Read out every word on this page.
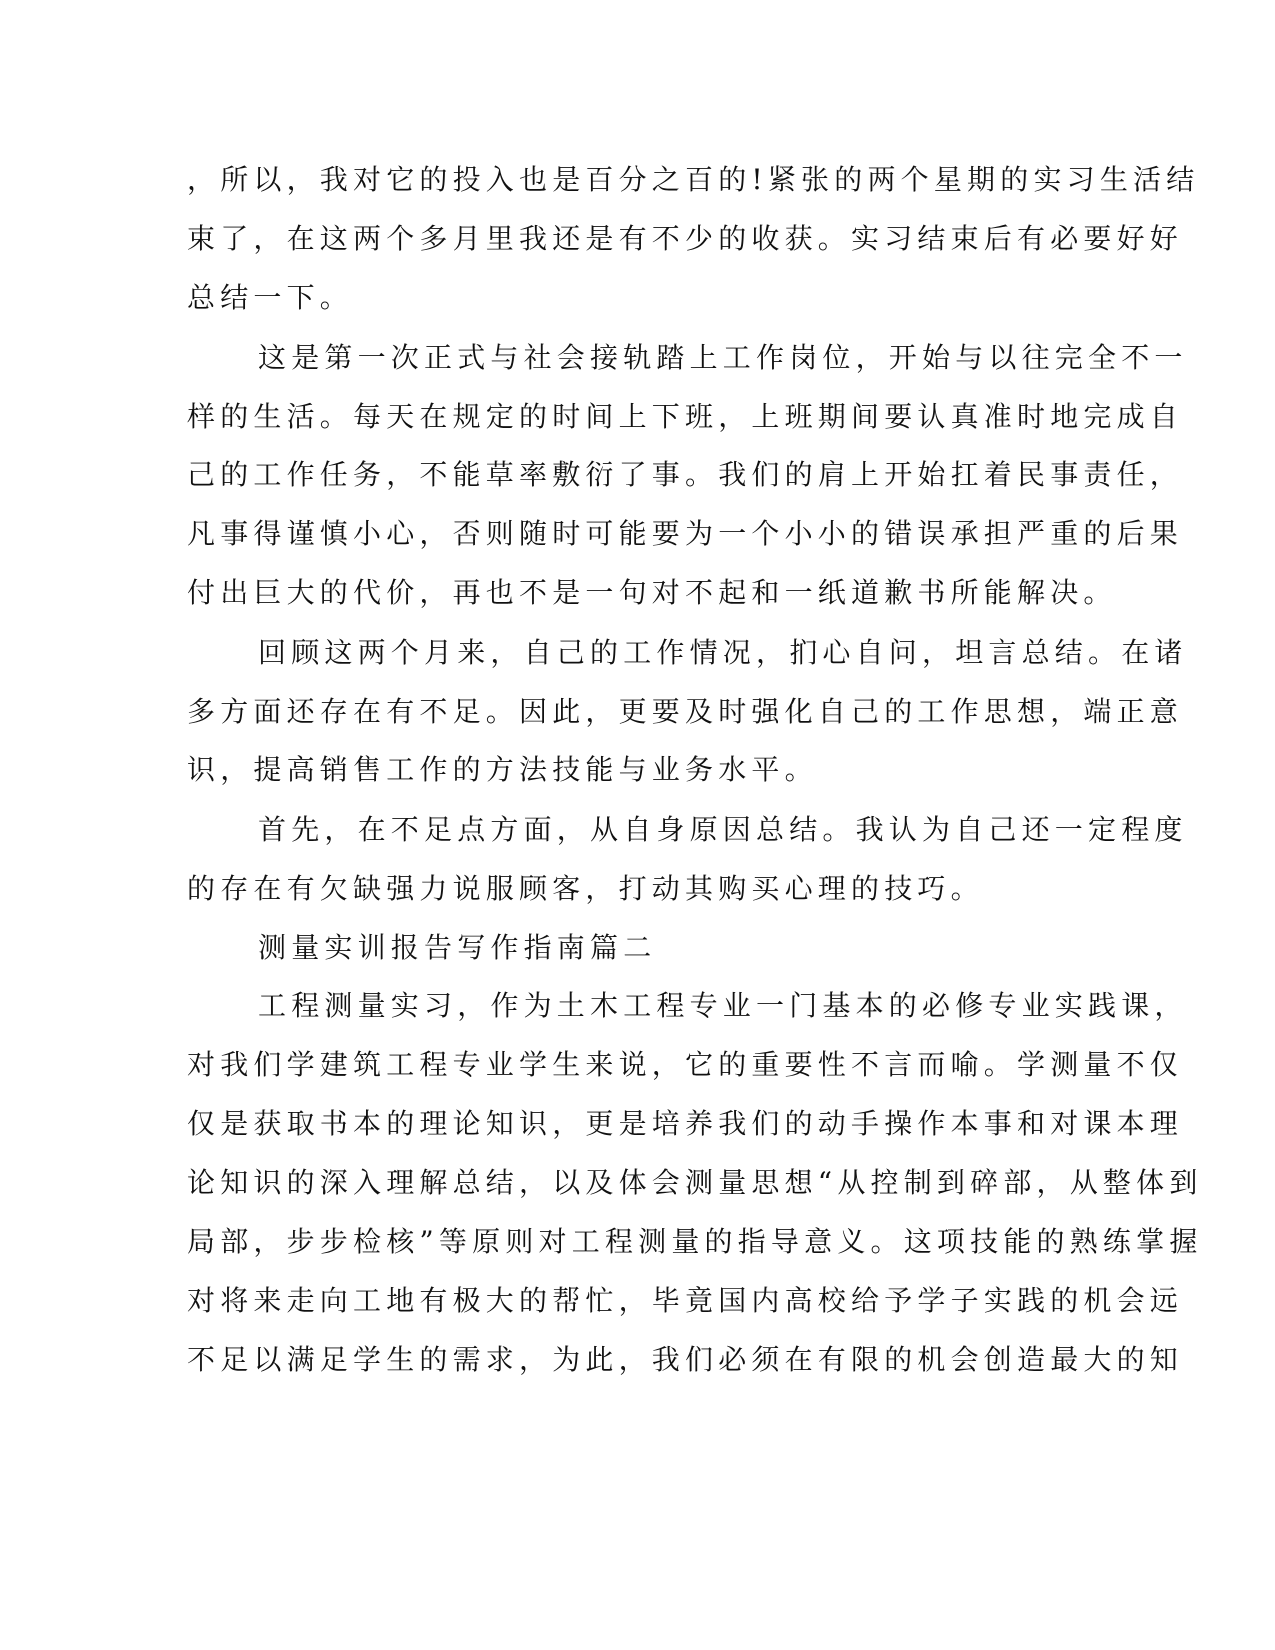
，所以，我对它的投入也是百分之百的!紧张的两个星期的实习生活结
束了，在这两个多月里我还是有不少的收获。实习结束后有必要好好
总结一下。
这是第一次正式与社会接轨踏上工作岗位，开始与以往完全不一
样的生活。每天在规定的时间上下班，上班期间要认真准时地完成自
己的工作任务，不能草率敷衍了事。我们的肩上开始扛着民事责任，
凡事得谨慎小心，否则随时可能要为一个小小的错误承担严重的后果
付出巨大的代价，再也不是一句对不起和一纸道歉书所能解决。
回顾这两个月来，自己的工作情况，扪心自问，坦言总结。在诸
多方面还存在有不足。因此，更要及时强化自己的工作思想，端正意
识，提高销售工作的方法技能与业务水平。
首先，在不足点方面，从自身原因总结。我认为自己还一定程度
的存在有欠缺强力说服顾客，打动其购买心理的技巧。
测量实训报告写作指南篇二
工程测量实习，作为土木工程专业一门基本的必修专业实践课，
对我们学建筑工程专业学生来说，它的重要性不言而喻。学测量不仅
仅是获取书本的理论知识，更是培养我们的动手操作本事和对课本理
论知识的深入理解总结，以及体会测量思想“从控制到碎部，从整体到
局部，步步检核”等原则对工程测量的指导意义。这项技能的熟练掌握
对将来走向工地有极大的帮忙，毕竟国内高校给予学子实践的机会远
不足以满足学生的需求，为此，我们必须在有限的机会创造最大的知
